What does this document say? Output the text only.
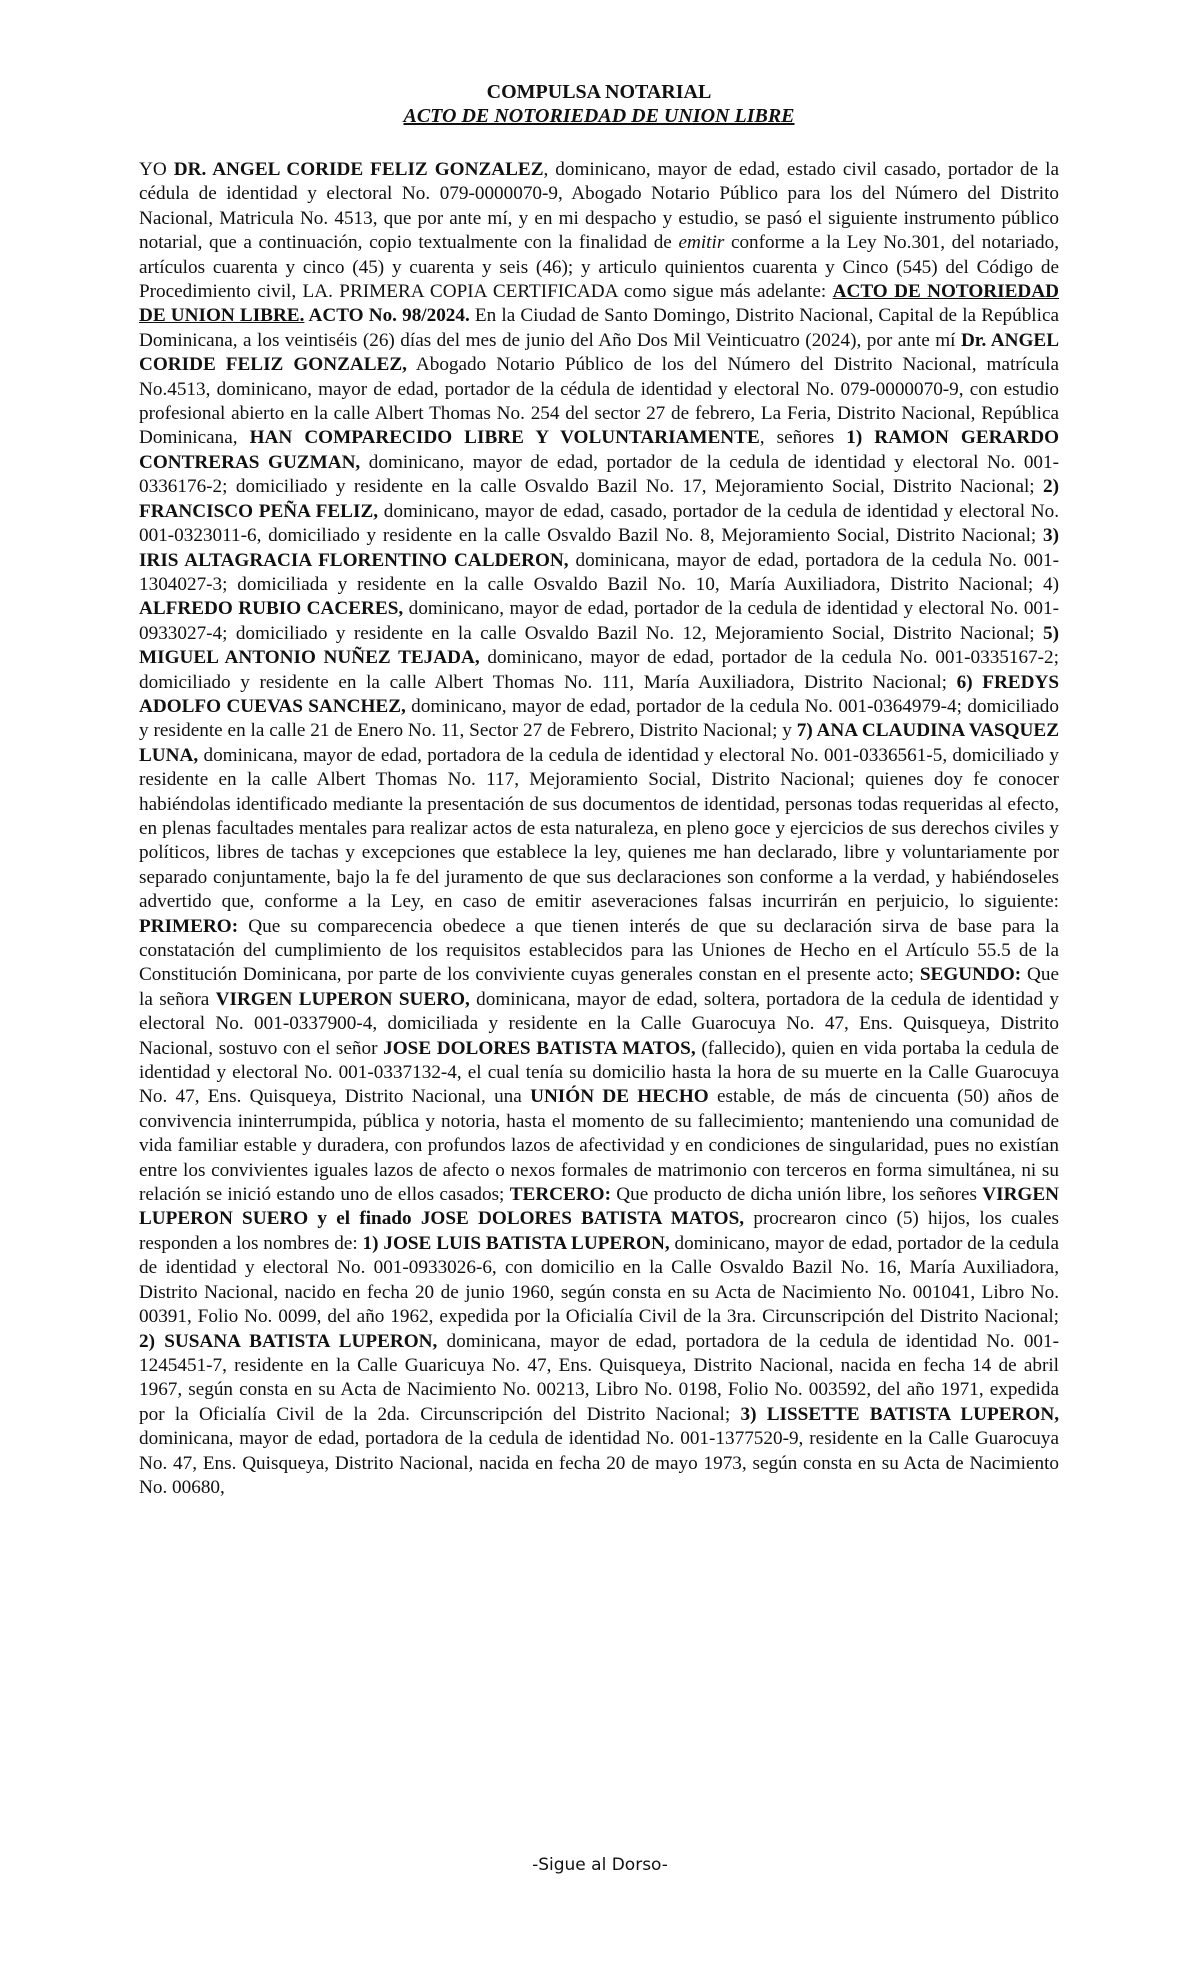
COMPULSA NOTARIAL

ACTO DE NOTORIEDAD DE UNION LIBRE

YO DR. ANGEL CORIDE FELIZ GONZALEZ, dominicano, mayor de edad, estado civil casado, portador de la cédula de identidad y electoral No. 079-0000070-9, Abogado Notario Público para los del Número del Distrito Nacional, Matricula No. 4513, que por ante mí, y en mi despacho y estudio, se pasó el siguiente instrumento público notarial, que a continuación, copio textualmente con la finalidad de emitir conforme a la Ley No.301, del notariado, artículos cuarenta y cinco (45) y cuarenta y seis (46); y articulo quinientos cuarenta y Cinco (545) del Código de Procedimiento civil, LA. PRIMERA COPIA CERTIFICADA como sigue más adelante: ACTO DE NOTORIEDAD DE UNION LIBRE. ACTO No. 98/2024. En la Ciudad de Santo Domingo, Distrito Nacional, Capital de la República Dominicana, a los veintiséis (26) días del mes de junio del Año Dos Mil Veinticuatro (2024), por ante mí Dr. ANGEL CORIDE FELIZ GONZALEZ, Abogado Notario Público de los del Número del Distrito Nacional, matrícula No.4513, dominicano, mayor de edad, portador de la cédula de identidad y electoral No. 079-0000070-9, con estudio profesional abierto en la calle Albert Thomas No. 254 del sector 27 de febrero, La Feria, Distrito Nacional, República Dominicana, HAN COMPARECIDO LIBRE Y VOLUNTARIAMENTE, señores 1) RAMON GERARDO CONTRERAS GUZMAN, dominicano, mayor de edad, portador de la cedula de identidad y electoral No. 001-0336176-2; domiciliado y residente en la calle Osvaldo Bazil No. 17, Mejoramiento Social, Distrito Nacional; 2) FRANCISCO PEÑA FELIZ, dominicano, mayor de edad, casado, portador de la cedula de identidad y electoral No. 001-0323011-6, domiciliado y residente en la calle Osvaldo Bazil No. 8, Mejoramiento Social, Distrito Nacional; 3) IRIS ALTAGRACIA FLORENTINO CALDERON, dominicana, mayor de edad, portadora de la cedula No. 001-1304027-3; domiciliada y residente en la calle Osvaldo Bazil No. 10, María Auxiliadora, Distrito Nacional; 4) ALFREDO RUBIO CACERES, dominicano, mayor de edad, portador de la cedula de identidad y electoral No. 001-0933027-4; domiciliado y residente en la calle Osvaldo Bazil No. 12, Mejoramiento Social, Distrito Nacional; 5) MIGUEL ANTONIO NUÑEZ TEJADA, dominicano, mayor de edad, portador de la cedula No. 001-0335167-2; domiciliado y residente en la calle Albert Thomas No. 111, María Auxiliadora, Distrito Nacional; 6) FREDYS ADOLFO CUEVAS SANCHEZ, dominicano, mayor de edad, portador de la cedula No. 001-0364979-4; domiciliado y residente en la calle 21 de Enero No. 11, Sector 27 de Febrero, Distrito Nacional; y 7) ANA CLAUDINA VASQUEZ LUNA, dominicana, mayor de edad, portadora de la cedula de identidad y electoral No. 001-0336561-5, domiciliado y residente en la calle Albert Thomas No. 117, Mejoramiento Social, Distrito Nacional; quienes doy fe conocer habiéndolas identificado mediante la presentación de sus documentos de identidad, personas todas requeridas al efecto, en plenas facultades mentales para realizar actos de esta naturaleza, en pleno goce y ejercicios de sus derechos civiles y políticos, libres de tachas y excepciones que establece la ley, quienes me han declarado, libre y voluntariamente por separado conjuntamente, bajo la fe del juramento de que sus declaraciones son conforme a la verdad, y habiéndoseles advertido que, conforme a la Ley, en caso de emitir aseveraciones falsas incurrirán en perjuicio, lo siguiente: PRIMERO: Que su comparecencia obedece a que tienen interés de que su declaración sirva de base para la constatación del cumplimiento de los requisitos establecidos para las Uniones de Hecho en el Artículo 55.5 de la Constitución Dominicana, por parte de los conviviente cuyas generales constan en el presente acto; SEGUNDO: Que la señora VIRGEN LUPERON SUERO, dominicana, mayor de edad, soltera, portadora de la cedula de identidad y electoral No. 001-0337900-4, domiciliada y residente en la Calle Guarocuya No. 47, Ens. Quisqueya, Distrito Nacional, sostuvo con el señor JOSE DOLORES BATISTA MATOS, (fallecido), quien en vida portaba la cedula de identidad y electoral No. 001-0337132-4, el cual tenía su domicilio hasta la hora de su muerte en la Calle Guarocuya No. 47, Ens. Quisqueya, Distrito Nacional, una UNIÓN DE HECHO estable, de más de cincuenta (50) años de convivencia ininterrumpida, pública y notoria, hasta el momento de su fallecimiento; manteniendo una comunidad de vida familiar estable y duradera, con profundos lazos de afectividad y en condiciones de singularidad, pues no existían entre los convivientes iguales lazos de afecto o nexos formales de matrimonio con terceros en forma simultánea, ni su relación se inició estando uno de ellos casados; TERCERO: Que producto de dicha unión libre, los señores VIRGEN LUPERON SUERO y el finado JOSE DOLORES BATISTA MATOS, procrearon cinco (5) hijos, los cuales responden a los nombres de: 1) JOSE LUIS BATISTA LUPERON, dominicano, mayor de edad, portador de la cedula de identidad y electoral No. 001-0933026-6, con domicilio en la Calle Osvaldo Bazil No. 16, María Auxiliadora, Distrito Nacional, nacido en fecha 20 de junio 1960, según consta en su Acta de Nacimiento No. 001041, Libro No. 00391, Folio No. 0099, del año 1962, expedida por la Oficialía Civil de la 3ra. Circunscripción del Distrito Nacional; 2) SUSANA BATISTA LUPERON, dominicana, mayor de edad, portadora de la cedula de identidad No. 001-1245451-7, residente en la Calle Guaricuya No. 47, Ens. Quisqueya, Distrito Nacional, nacida en fecha 14 de abril 1967, según consta en su Acta de Nacimiento No. 00213, Libro No. 0198, Folio No. 003592, del año 1971, expedida por la Oficialía Civil de la 2da. Circunscripción del Distrito Nacional; 3) LISSETTE BATISTA LUPERON, dominicana, mayor de edad, portadora de la cedula de identidad No. 001-1377520-9, residente en la Calle Guarocuya No. 47, Ens. Quisqueya, Distrito Nacional, nacida en fecha 20 de mayo 1973, según consta en su Acta de Nacimiento No. 00680,

-Sigue al Dorso-
